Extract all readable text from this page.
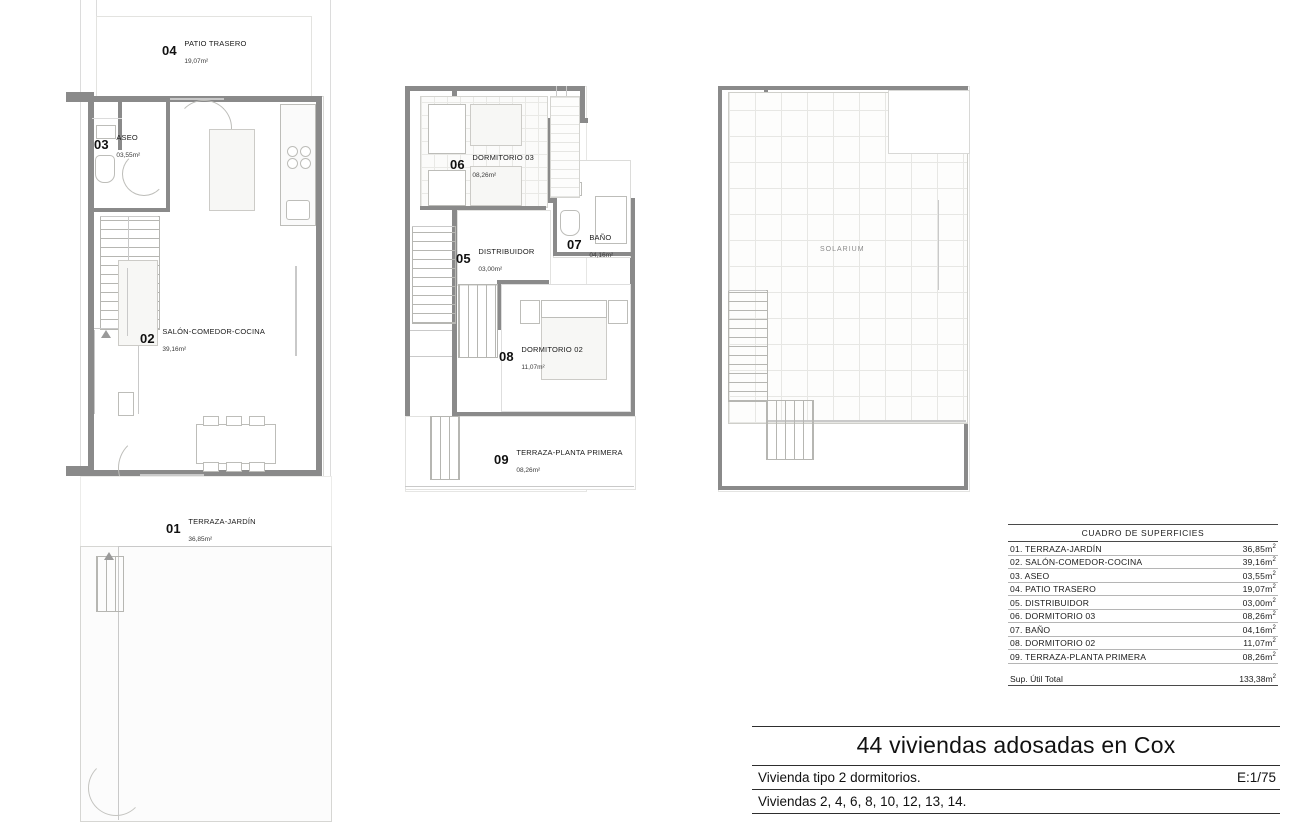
04 PATIO TRASERO
19,07m²
03 ASEO
03,55m²
02 SALÓN-COMEDOR-COCINA
39,16m²
01 TERRAZA-JARDÍN
36,85m²
06 DORMITORIO 03
08,26m²
05 DISTRIBUIDOR
03,00m²
07 BAÑO
04,16m²
08 DORMITORIO 02
11,07m²
09 TERRAZA-PLANTA PRIMERA
08,26m²
SOLARIUM
CUADRO DE SUPERFICIES
01. TERRAZA-JARDÍN	$36,85m^2$
02. SALÓN-COMEDOR-COCINA	$39,16m^2$
03. ASEO	$03,55m^2$
04. PATIO TRASERO	$19,07m^2$
05. DISTRIBUIDOR	$03,00m^2$
06. DORMITORIO 03	$08,26m^2$
07. BAÑO	$04,16m^2$
08. DORMITORIO 02	$11,07m^2$
09. TERRAZA-PLANTA PRIMERA	$08,26m^2$
Sup. Útil Total	$133,38m^2$
44 viviendas adosadas en Cox
Vivienda tipo 2 dormitorios.	E:1/75
Viviendas 2, 4, 6, 8, 10, 12, 13, 14.
